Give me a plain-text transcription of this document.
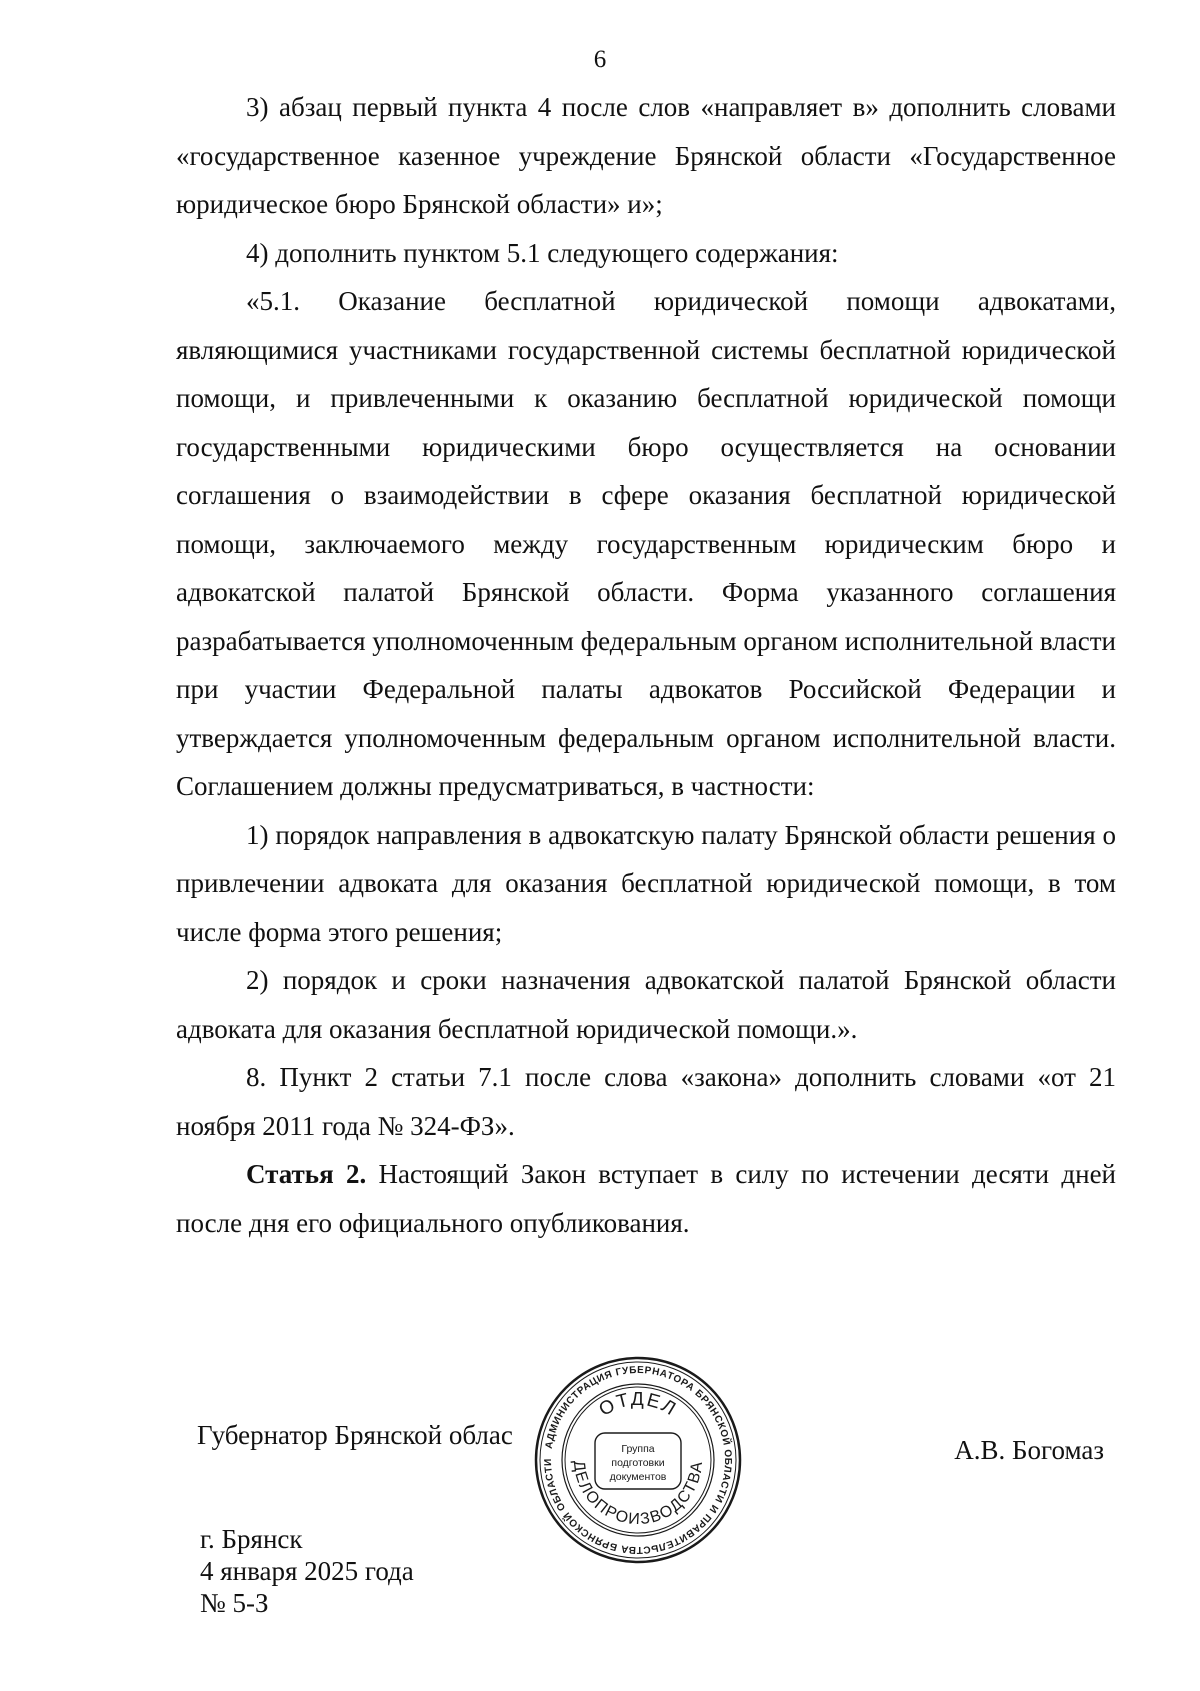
6

3) абзац первый пункта 4 после слов «направляет в» дополнить словами «государственное казенное учреждение Брянской области «Государственное юридическое бюро Брянской области» и»;

4) дополнить пунктом 5.1 следующего содержания:

«5.1. Оказание бесплатной юридической помощи адвокатами, являющимися участниками государственной системы бесплатной юридической помощи, и привлеченными к оказанию бесплатной юридической помощи государственными юридическими бюро осуществляется на основании соглашения о взаимодействии в сфере оказания бесплатной юридической помощи, заключаемого между государственным юридическим бюро и адвокатской палатой Брянской области. Форма указанного соглашения разрабатывается уполномоченным федеральным органом исполнительной власти при участии Федеральной палаты адвокатов Российской Федерации и утверждается уполномоченным федеральным органом исполнительной власти. Соглашением должны предусматриваться, в частности:

1) порядок направления в адвокатскую палату Брянской области решения о привлечении адвоката для оказания бесплатной юридической помощи, в том числе форма этого решения;

2) порядок и сроки назначения адвокатской палатой Брянской области адвоката для оказания бесплатной юридической помощи.».

8. Пункт 2 статьи 7.1 после слова «закона» дополнить словами «от 21 ноября 2011 года № 324-ФЗ».

Статья 2. Настоящий Закон вступает в силу по истечении десяти дней после дня его официального опубликования.

Губернатор Брянской облас	А.В. Богомаз
г. Брянск
4 января 2025 года
№ 5-З
АДМИНИСТРАЦИЯ ГУБЕРНАТОРА БРЯНСКОЙ ОБЛАСТИ И ПРАВИТЕЛЬСТВА БРЯНСКОЙ ОБЛАСТИ
ОТДЕЛ
ДЕЛОПРОИЗВОДСТВА
Группа
подготовки
документов
